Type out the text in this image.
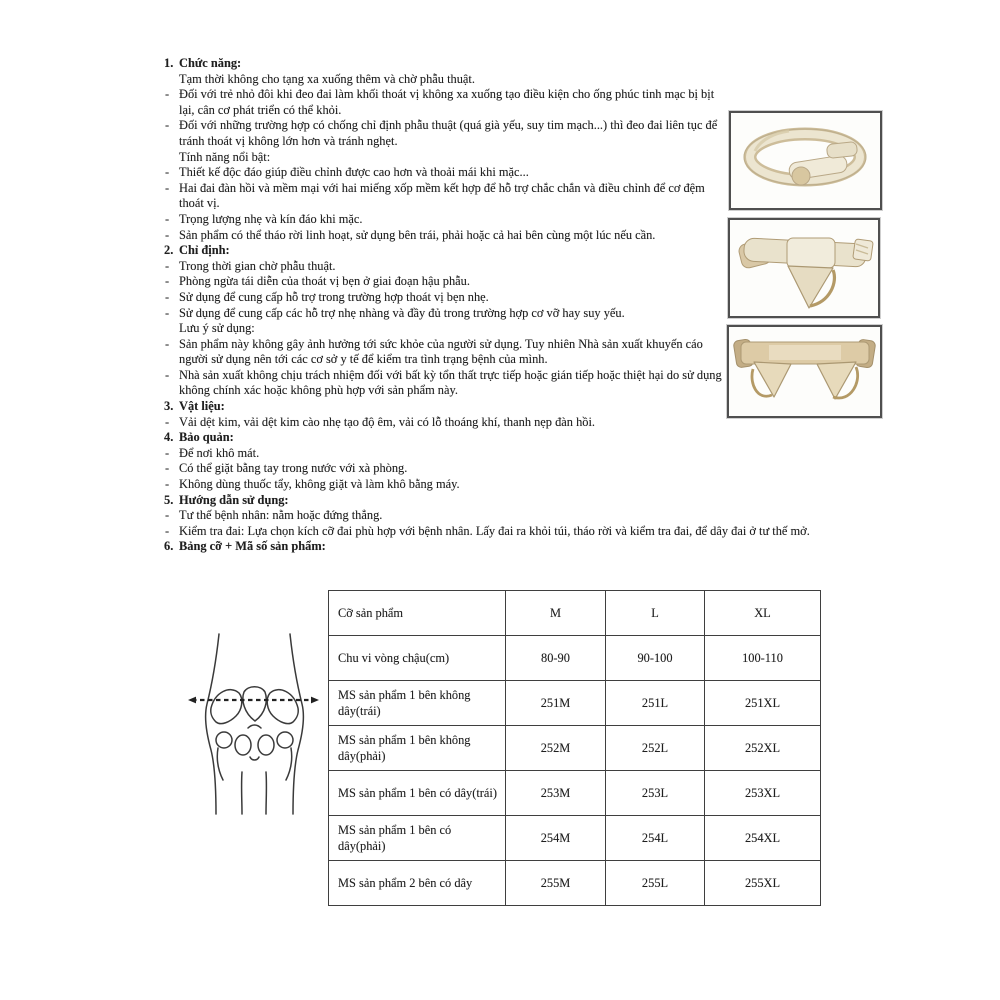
1. Chức năng:
Tạm thời không cho tạng xa xuống thêm và chờ phẫu thuật.
- Đối với trẻ nhỏ đôi khi đeo đai làm khối thoát vị không xa xuống tạo điều kiện cho ống phúc tinh mạc bị bịt lại, cân cơ phát triển có thể khỏi.
- Đối với những trường hợp có chống chỉ định phẫu thuật (quá già yếu, suy tim mạch...) thì đeo đai liên tục để tránh thoát vị không lớn hơn và tránh nghẹt.
Tính năng nổi bật:
- Thiết kế độc đáo giúp điều chỉnh được cao hơn và thoải mái khi mặc...
- Hai đai đàn hồi và mềm mại với hai miếng xốp mềm kết hợp để hỗ trợ chắc chắn và điều chỉnh để cơ đệm thoát vị.
- Trọng lượng nhẹ và kín đáo khi mặc.
- Sản phẩm có thể tháo rời linh hoạt, sử dụng bên trái, phải hoặc cả hai bên cùng một lúc nếu cần.
2. Chỉ định:
- Trong thời gian chờ phẫu thuật.
- Phòng ngừa tái diễn của thoát vị bẹn ở giai đoạn hậu phẫu.
- Sử dụng để cung cấp hỗ trợ trong trường hợp thoát vị bẹn nhẹ.
- Sử dụng để cung cấp các hỗ trợ nhẹ nhàng và đầy đủ trong trường hợp cơ vỡ hay suy yếu.
Lưu ý sử dụng:
- Sản phẩm này không gây ảnh hưởng tới sức khỏe của người sử dụng. Tuy nhiên Nhà sản xuất khuyến cáo người sử dụng nên tới các cơ sở y tế để kiểm tra tình trạng bệnh của mình.
- Nhà sản xuất không chịu trách nhiệm đối với bất kỳ tổn thất trực tiếp hoặc gián tiếp hoặc thiệt hại do sử dụng không chính xác hoặc không phù hợp với sản phẩm này.
3. Vật liệu:
- Vải dệt kim, vải dệt kim cào nhẹ tạo độ êm, vải có lỗ thoáng khí, thanh nẹp đàn hồi.
4. Bảo quản:
- Để nơi khô mát.
- Có thể giặt bằng tay trong nước với xà phòng.
- Không dùng thuốc tẩy, không giặt và làm khô bằng máy.
5. Hướng dẫn sử dụng:
- Tư thế bệnh nhân: nằm hoặc đứng thẳng.
- Kiểm tra đai: Lựa chọn kích cỡ đai phù hợp với bệnh nhân. Lấy đai ra khỏi túi, tháo rời và kiểm tra đai, để dây đai ở tư thế mở.
6. Bảng cỡ + Mã số sản phẩm:
Cỡ sản phẩm	M	L	XL
Chu vi vòng chậu(cm)	80-90	90-100	100-110
MS sản phẩm 1 bên không dây(trái)	251M	251L	251XL
MS sản phẩm 1 bên không dây(phải)	252M	252L	252XL
MS sản phẩm 1 bên có dây(trái)	253M	253L	253XL
MS sản phẩm 1 bên có dây(phải)	254M	254L	254XL
MS sản phẩm 2 bên có dây	255M	255L	255XL
